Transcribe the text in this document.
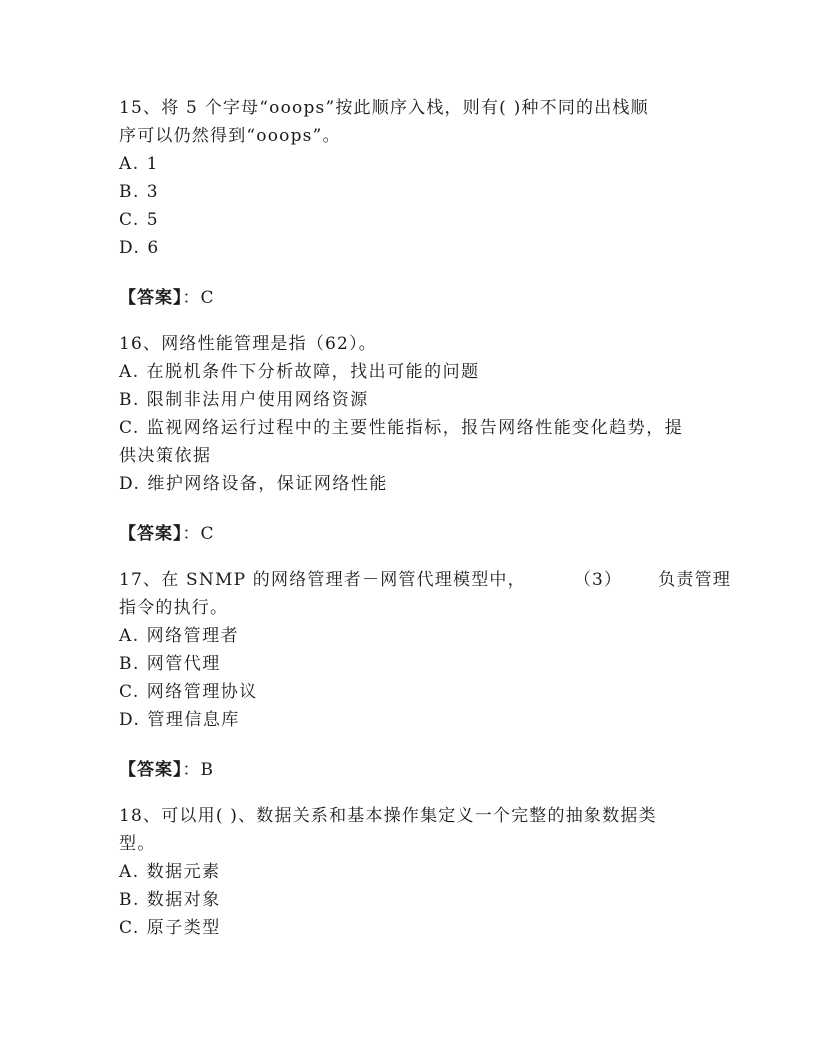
15、将 5 个字母“ooops”按此顺序入栈，则有( )种不同的出栈顺
序可以仍然得到“ooops”。
A. 1
B. 3
C. 5
D. 6
【答案】：C
16、网络性能管理是指（62）。
A. 在脱机条件下分析故障，找出可能的问题
B. 限制非法用户使用网络资源
C. 监视网络运行过程中的主要性能指标，报告网络性能变化趋势，提
供决策依据
D. 维护网络设备，保证网络性能
【答案】：C
17、在 SNMP 的网络管理者－网管代理模型中，	（3） 负责管理
指令的执行。
A. 网络管理者
B. 网管代理
C. 网络管理协议
D. 管理信息库
【答案】：B
18、可以用( )、数据关系和基本操作集定义一个完整的抽象数据类
型。
A. 数据元素
B. 数据对象
C. 原子类型
